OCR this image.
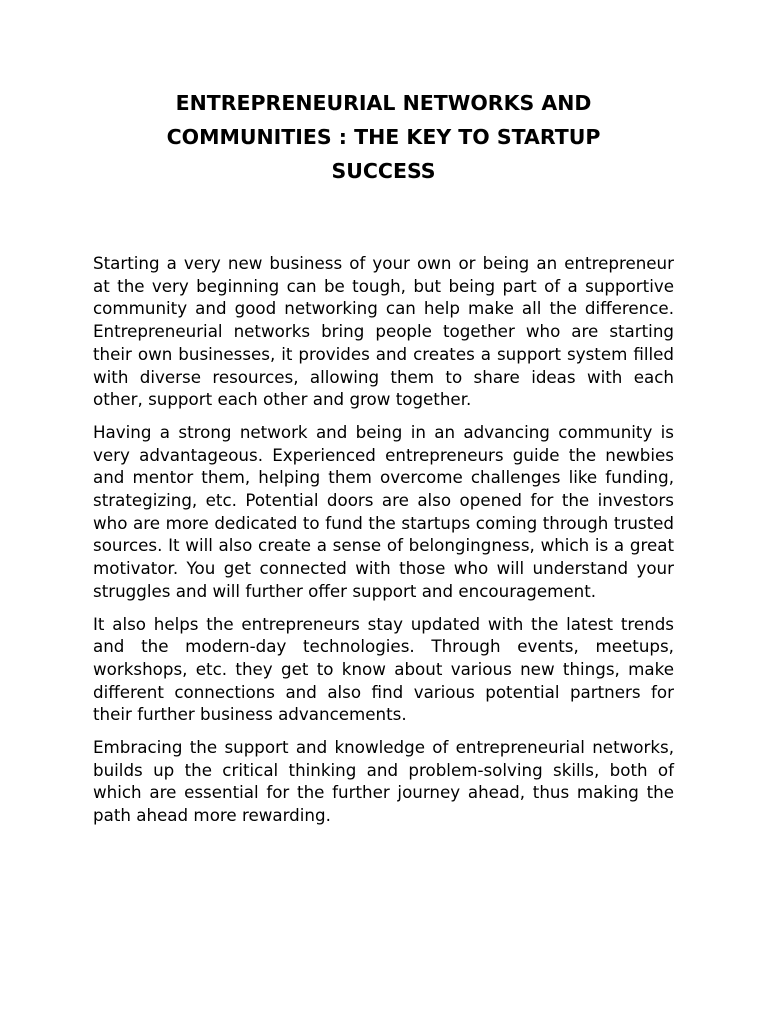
ENTREPRENEURIAL NETWORKS AND
COMMUNITIES : THE KEY TO STARTUP
SUCCESS

Starting a very new business of your own or being an entrepreneur at the very beginning can be tough, but being part of a supportive community and good networking can help make all the difference. Entrepreneurial networks bring people together who are starting their own businesses, it provides and creates a support system filled with diverse resources, allowing them to share ideas with each other, support each other and grow together.

Having a strong network and being in an advancing community is very advantageous. Experienced entrepreneurs guide the newbies and mentor them, helping them overcome challenges like funding, strategizing, etc. Potential doors are also opened for the investors who are more dedicated to fund the startups coming through trusted sources. It will also create a sense of belongingness, which is a great motivator. You get connected with those who will understand your struggles and will further offer support and encouragement.

It also helps the entrepreneurs stay updated with the latest trends and the modern-day technologies. Through events, meetups, workshops, etc. they get to know about various new things, make different connections and also find various potential partners for their further business advancements.

Embracing the support and knowledge of entrepreneurial networks, builds up the critical thinking and problem-solving skills, both of which are essential for the further journey ahead, thus making the path ahead more rewarding.
